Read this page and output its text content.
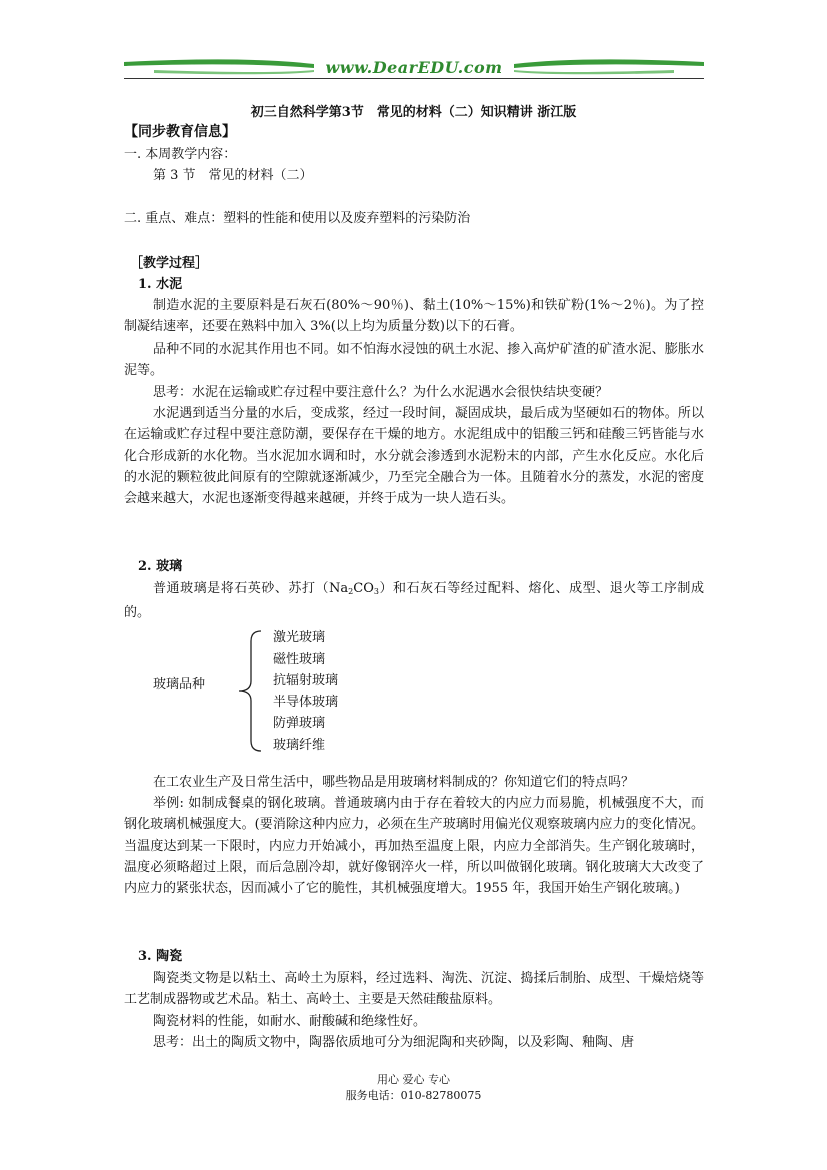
www.DearEDU.com
初三自然科学第3节　常见的材料（二）知识精讲 浙江版
【同步教育信息】
一. 本周教学内容：
第 3 节　常见的材料（二）
二. 重点、难点：塑料的性能和使用以及废弃塑料的污染防治
［教学过程］
1. 水泥

制造水泥的主要原料是石灰石(80%～90％)、黏土(10%～15%)和铁矿粉(1%～2％)。为了控制凝结速率，还要在熟料中加入 3%(以上均为质量分数)以下的石膏。

品种不同的水泥其作用也不同。如不怕海水浸蚀的矾土水泥、掺入高炉矿渣的矿渣水泥、膨胀水泥等。

思考：水泥在运输或贮存过程中要注意什么？为什么水泥遇水会很快结块变硬？

水泥遇到适当分量的水后，变成浆，经过一段时间，凝固成块，最后成为坚硬如石的物体。所以在运输或贮存过程中要注意防潮，要保存在干燥的地方。水泥组成中的铝酸三钙和硅酸三钙皆能与水化合形成新的水化物。当水泥加水调和时，水分就会渗透到水泥粉末的内部，产生水化反应。水化后的水泥的颗粒彼此间原有的空隙就逐渐减少，乃至完全融合为一体。且随着水分的蒸发，水泥的密度会越来越大，水泥也逐渐变得越来越硬，并终于成为一块人造石头。

2. 玻璃

普通玻璃是将石英砂、苏打（Na2CO3）和石灰石等经过配料、熔化、成型、退火等工序制成的。

玻璃品种
激光玻璃
磁性玻璃
抗辐射玻璃
半导体玻璃
防弹玻璃
玻璃纤维

在工农业生产及日常生活中，哪些物品是用玻璃材料制成的？你知道它们的特点吗？

举例: 如制成餐桌的钢化玻璃。普通玻璃内由于存在着较大的内应力而易脆，机械强度不大，而钢化玻璃机械强度大。(要消除这种内应力，必须在生产玻璃时用偏光仪观察玻璃内应力的变化情况。当温度达到某一下限时，内应力开始减小，再加热至温度上限，内应力全部消失。生产钢化玻璃时，温度必须略超过上限，而后急剧冷却，就好像钢淬火一样，所以叫做钢化玻璃。钢化玻璃大大改变了内应力的紧张状态，因而减小了它的脆性，其机械强度增大。1955 年，我国开始生产钢化玻璃。)

3. 陶瓷

陶瓷类文物是以粘土、高岭土为原料，经过选料、淘洗、沉淀、捣揉后制胎、成型、干燥焙烧等工艺制成器物或艺术品。粘土、高岭土、主要是天然硅酸盐原料。

陶瓷材料的性能，如耐水、耐酸碱和绝缘性好。

思考：出土的陶质文物中，陶器依质地可分为细泥陶和夹砂陶，以及彩陶、釉陶、唐

用心 爱心 专心
服务电话：010-82780075
